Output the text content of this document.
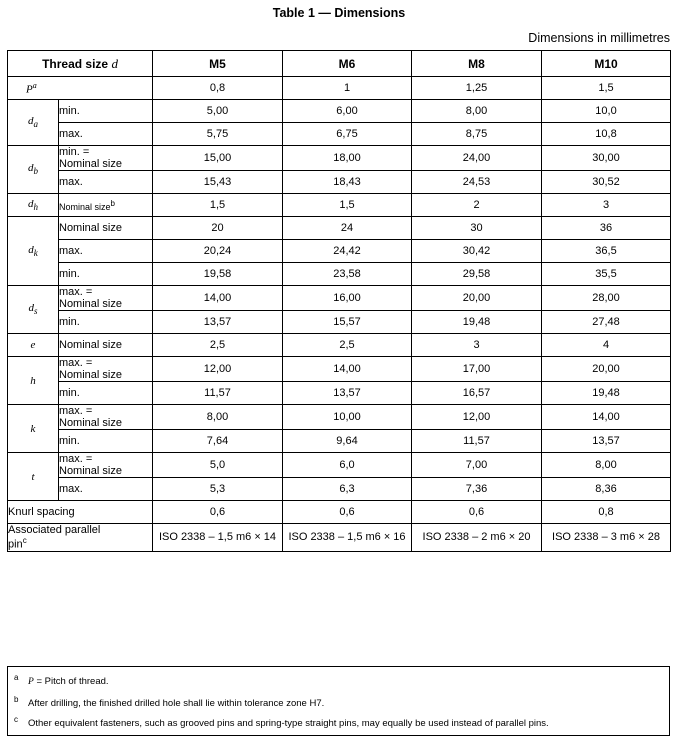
Table 1 — Dimensions
Dimensions in millimetres
Thread size d		M5	M6	M8	M10
$P^a$		0,8	1	1,25	1,5
$d_a$	min.	5,00	6,00	8,00	10,0
	max.	5,75	6,75	8,75	10,8
$d_b$	min. =
Nominal size	15,00	18,00	24,00	30,00
	max.	15,43	18,43	24,53	30,52
$d_h$	Nominal size$^b$	1,5	1,5	2	3
$d_k$	Nominal size	20	24	30	36
	max.	20,24	24,42	30,42	36,5
	min.	19,58	23,58	29,58	35,5
$d_s$	max. =
Nominal size	14,00	16,00	20,00	28,00
	min.	13,57	15,57	19,48	27,48
e	Nominal size	2,5	2,5	3	4
h	max. =
Nominal size	12,00	14,00	17,00	20,00
	min.	11,57	13,57	16,57	19,48
k	max. =
Nominal size	8,00	10,00	12,00	14,00
	min.	7,64	9,64	11,57	13,57
t	max. =
Nominal size	5,0	6,0	7,00	8,00
	max.	5,3	6,3	7,36	8,36
Knurl spacing		0,6	0,6	0,6	0,8
Associated parallel
pin$^c$		ISO 2338 – 1,5 m6 × 14	ISO 2338 – 1,5 m6 × 16	ISO 2338 – 2 m6 × 20	ISO 2338 – 3 m6 × 28
a P = Pitch of thread.
b After drilling, the finished drilled hole shall lie within tolerance zone H7.
c Other equivalent fasteners, such as grooved pins and spring-type straight pins, may equally be used instead of parallel pins.
